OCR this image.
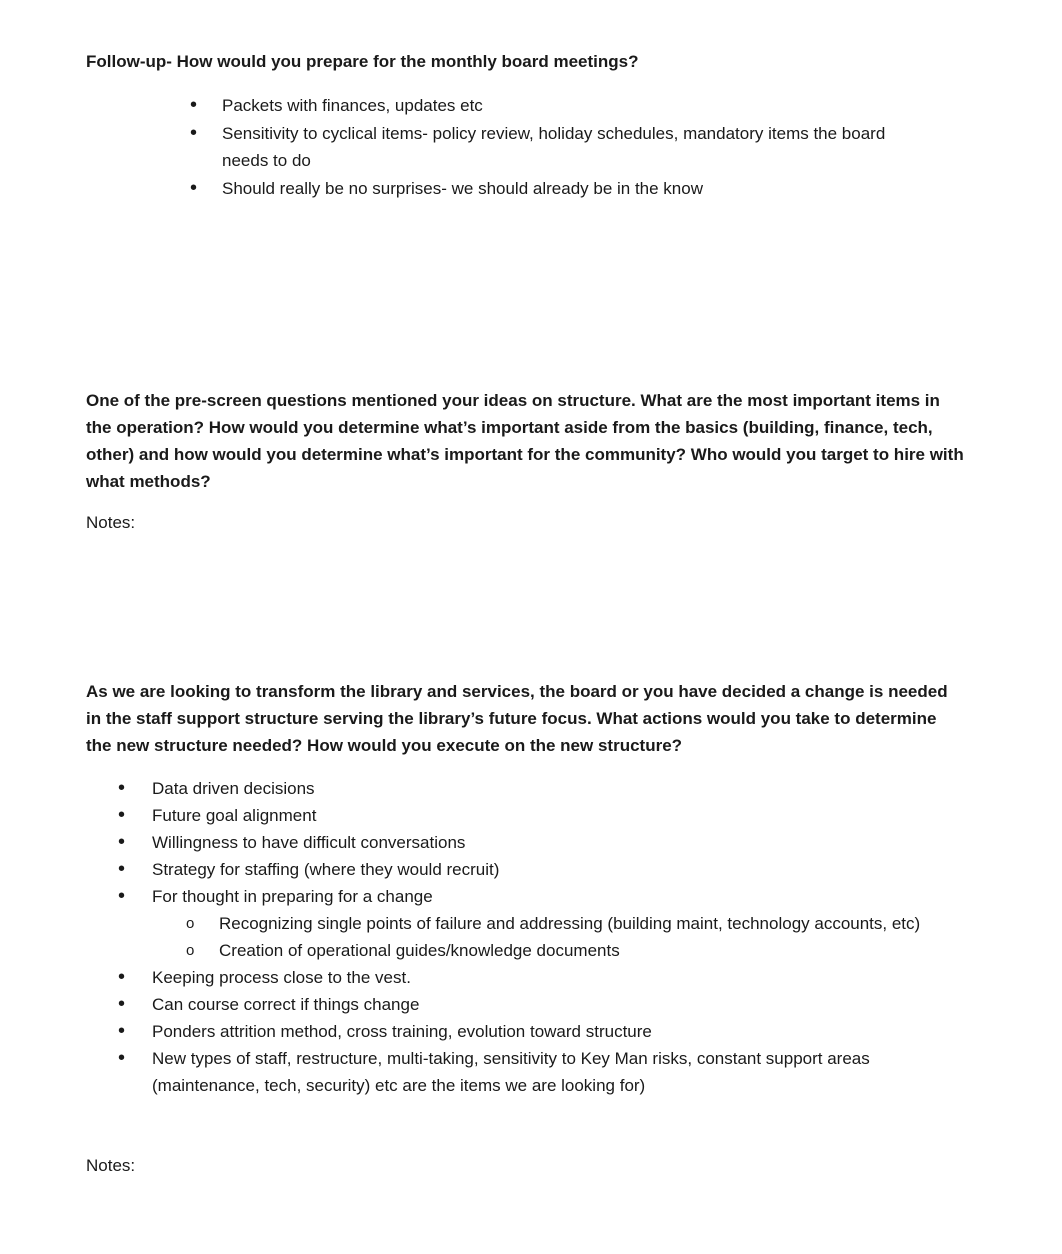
Follow-up- How would you prepare for the monthly board meetings?

• Packets with finances, updates etc
• Sensitivity to cyclical items- policy review, holiday schedules, mandatory items the board needs to do
• Should really be no surprises- we should already be in the know

One of the pre-screen questions mentioned your ideas on structure. What are the most important items in the operation? How would you determine what’s important aside from the basics (building, finance, tech, other) and how would you determine what’s important for the community? Who would you target to hire with what methods?

Notes:

As we are looking to transform the library and services, the board or you have decided a change is needed in the staff support structure serving the library’s future focus. What actions would you take to determine the new structure needed? How would you execute on the new structure?

• Data driven decisions
• Future goal alignment
• Willingness to have difficult conversations
• Strategy for staffing (where they would recruit)
• For thought in preparing for a change
o Recognizing single points of failure and addressing (building maint, technology accounts, etc)
o Creation of operational guides/knowledge documents
• Keeping process close to the vest.
• Can course correct if things change
• Ponders attrition method, cross training, evolution toward structure
• New types of staff, restructure, multi-taking, sensitivity to Key Man risks, constant support areas (maintenance, tech, security) etc are the items we are looking for)

Notes:
